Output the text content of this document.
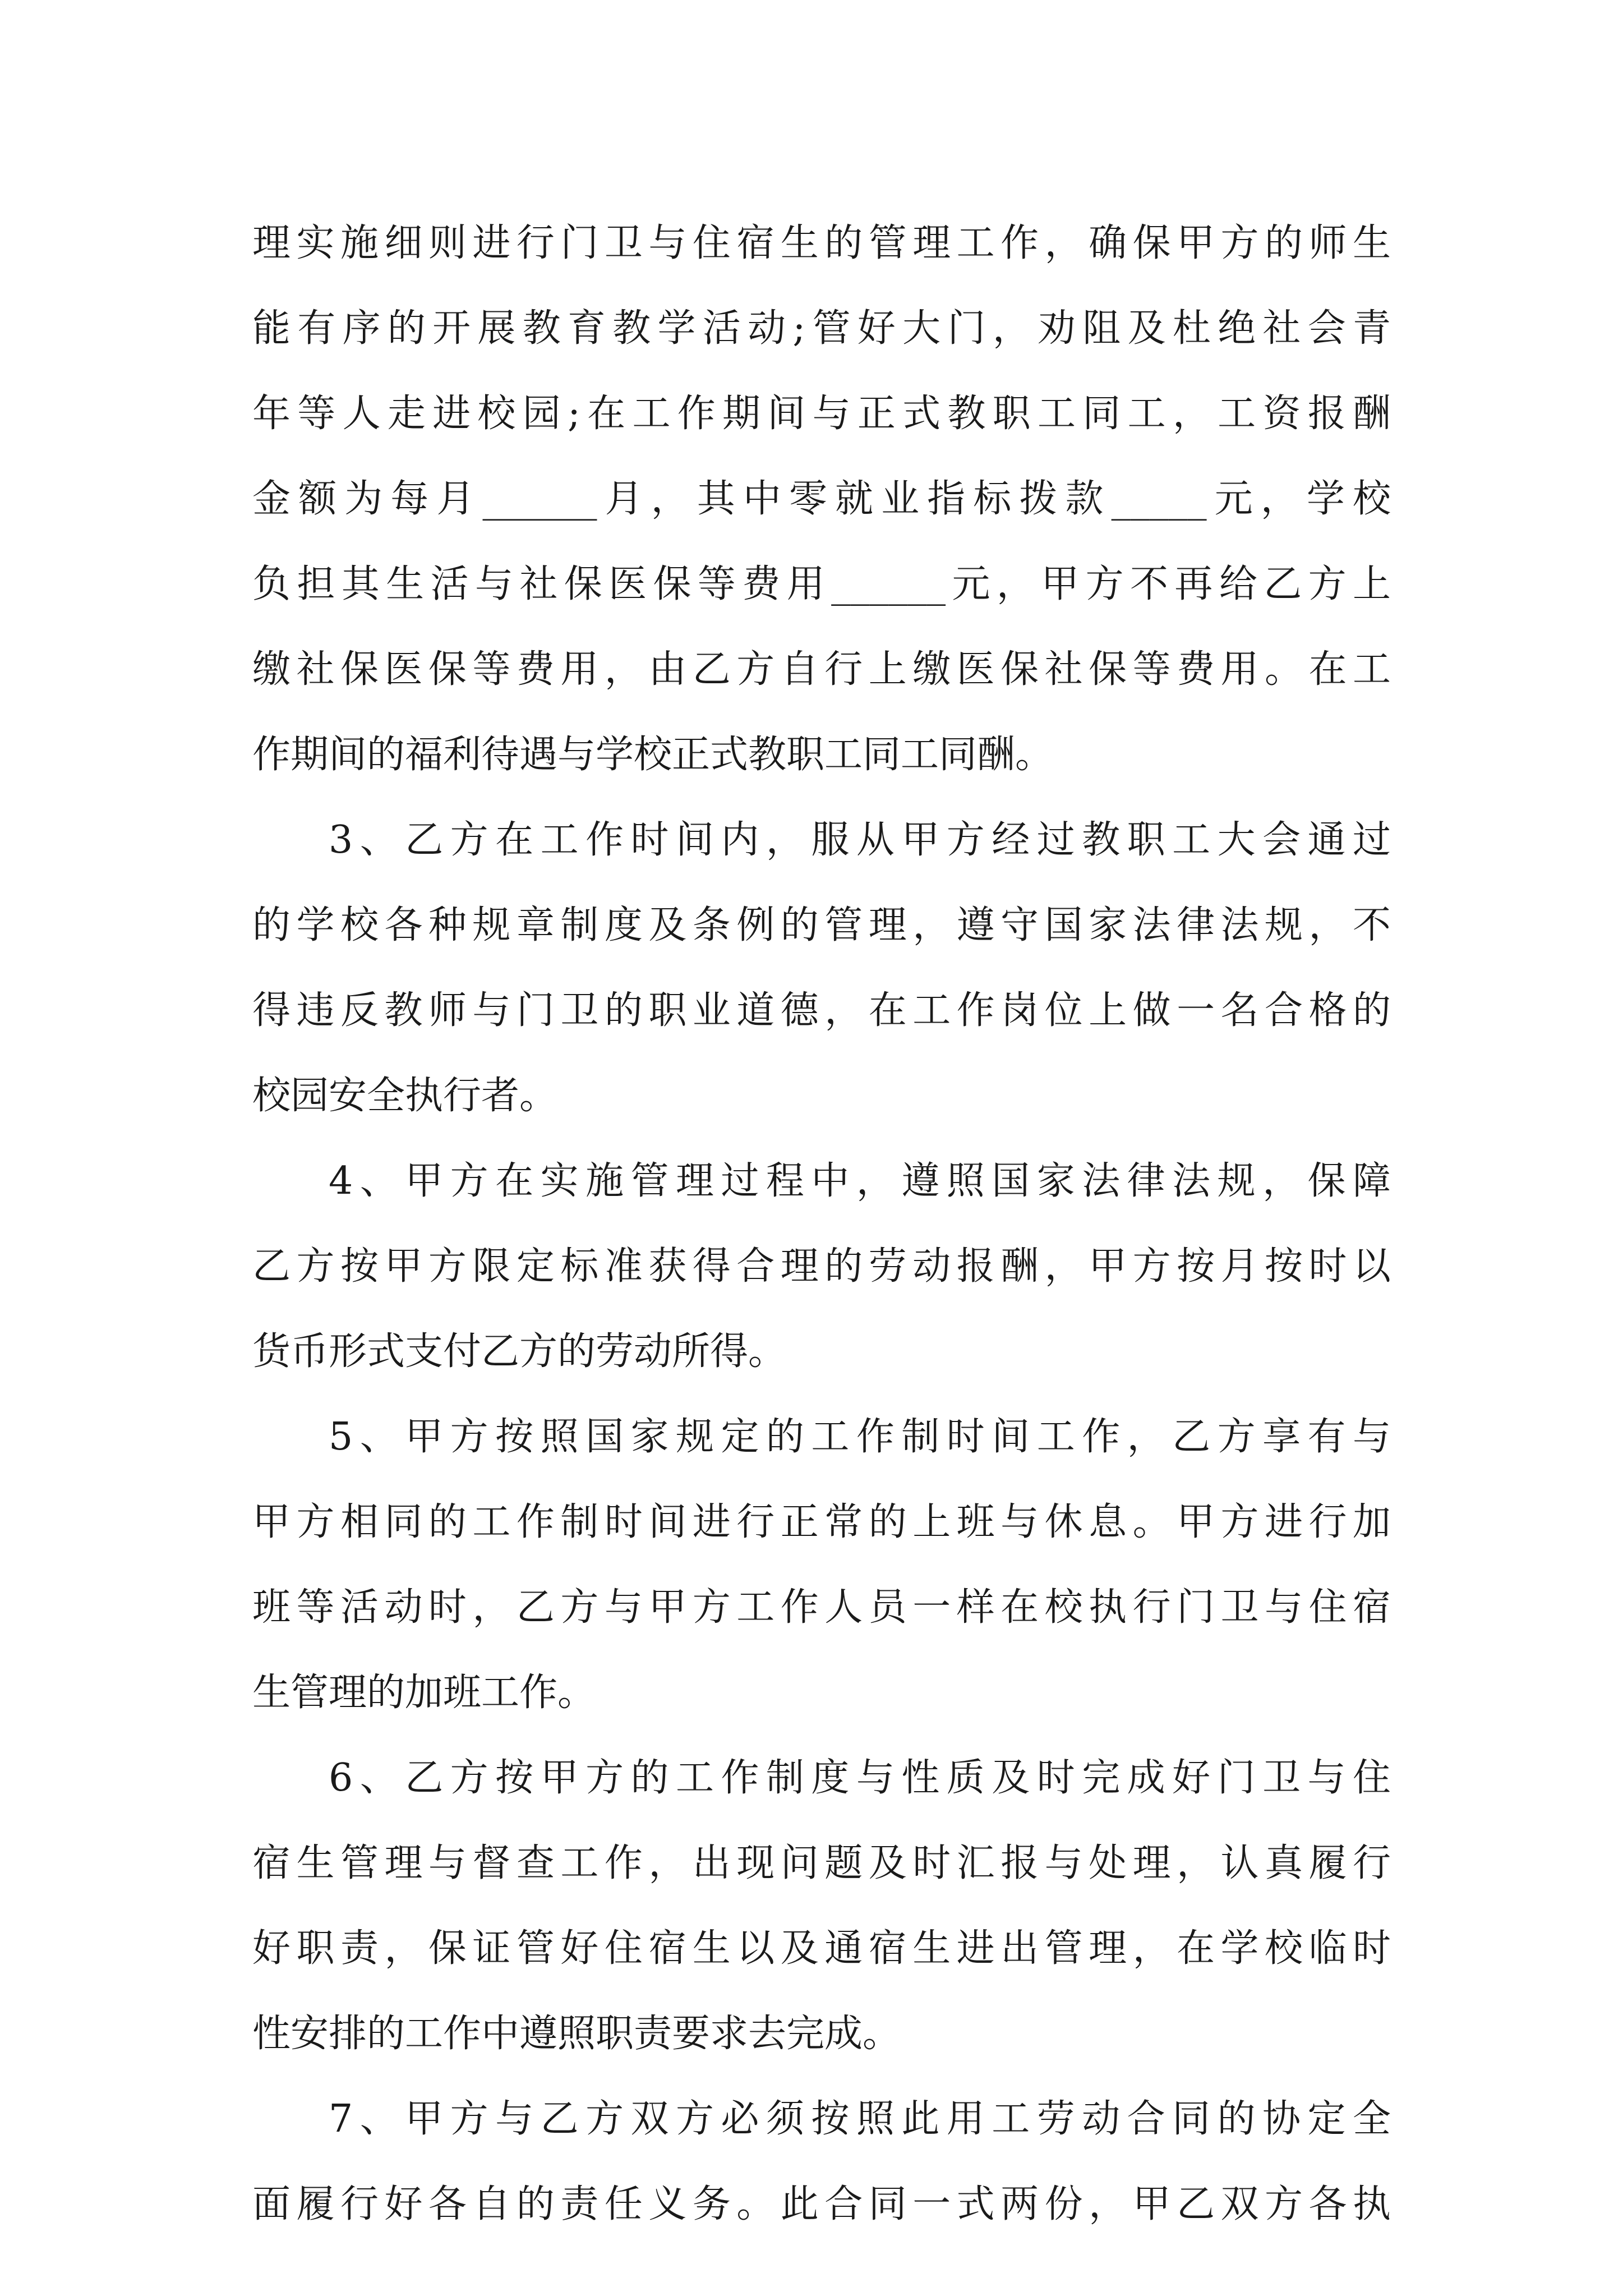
理实施细则进行门卫与住宿生的管理工作，确保甲方的师生
能有序的开展教育教学活动;管好大门，劝阻及杜绝社会青
年等人走进校园;在工作期间与正式教职工同工，工资报酬
金额为每月______月，其中零就业指标拨款_____元，学校
负担其生活与社保医保等费用______元，甲方不再给乙方上
缴社保医保等费用，由乙方自行上缴医保社保等费用。在工
作期间的福利待遇与学校正式教职工同工同酬。
3、乙方在工作时间内，服从甲方经过教职工大会通过
的学校各种规章制度及条例的管理，遵守国家法律法规，不
得违反教师与门卫的职业道德，在工作岗位上做一名合格的
校园安全执行者。
4、甲方在实施管理过程中，遵照国家法律法规，保障
乙方按甲方限定标准获得合理的劳动报酬，甲方按月按时以
货币形式支付乙方的劳动所得。
5、甲方按照国家规定的工作制时间工作，乙方享有与
甲方相同的工作制时间进行正常的上班与休息。甲方进行加
班等活动时，乙方与甲方工作人员一样在校执行门卫与住宿
生管理的加班工作。
6、乙方按甲方的工作制度与性质及时完成好门卫与住
宿生管理与督查工作，出现问题及时汇报与处理，认真履行
好职责，保证管好住宿生以及通宿生进出管理，在学校临时
性安排的工作中遵照职责要求去完成。
7、甲方与乙方双方必须按照此用工劳动合同的协定全
面履行好各自的责任义务。此合同一式两份，甲乙双方各执
